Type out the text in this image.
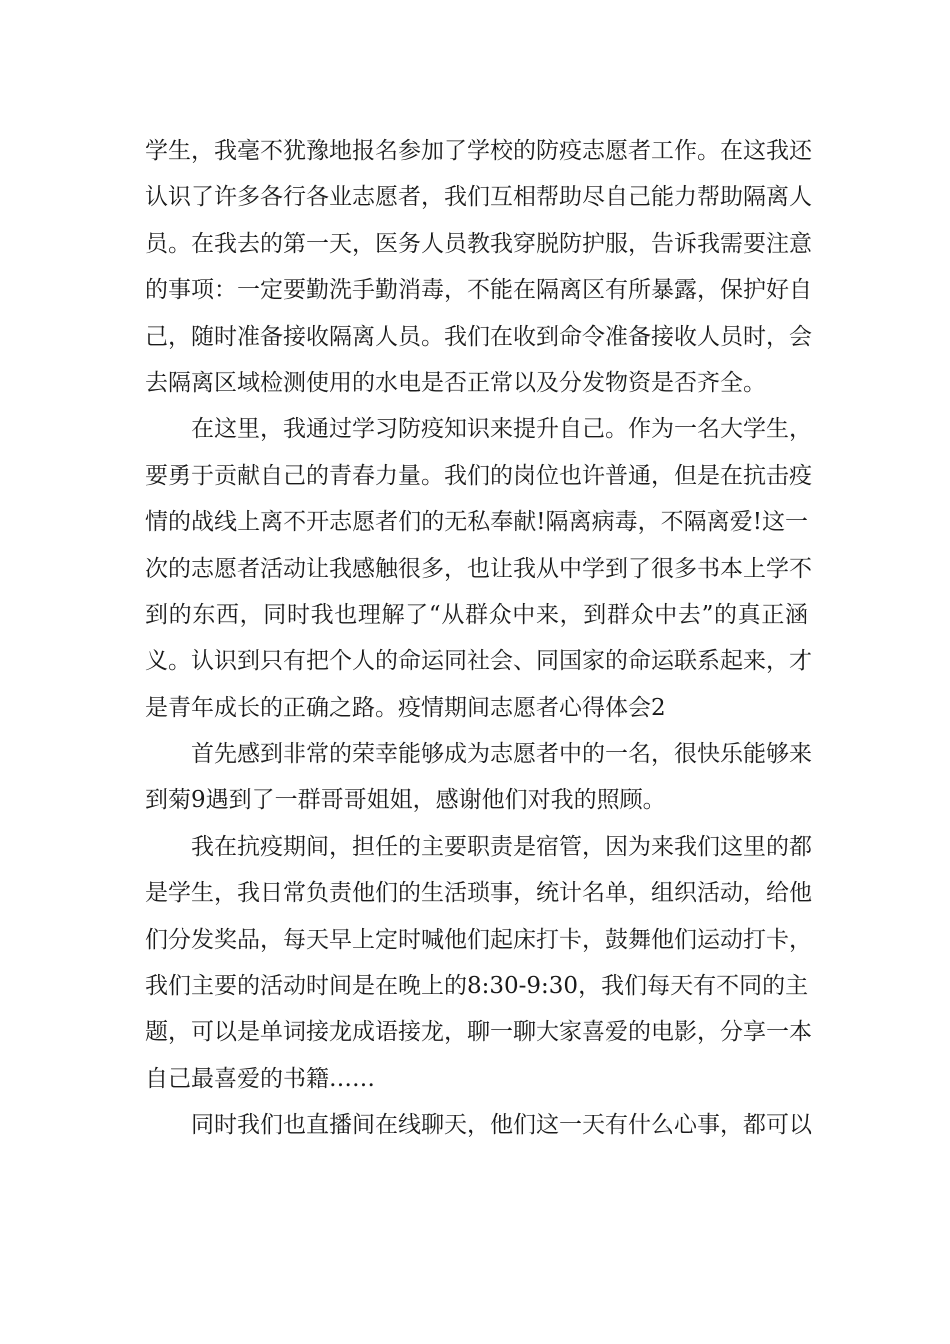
学生，我毫不犹豫地报名参加了学校的防疫志愿者工作。在这我还
认识了许多各行各业志愿者，我们互相帮助尽自己能力帮助隔离人
员。在我去的第一天，医务人员教我穿脱防护服，告诉我需要注意
的事项：一定要勤洗手勤消毒，不能在隔离区有所暴露，保护好自
己，随时准备接收隔离人员。我们在收到命令准备接收人员时，会
去隔离区域检测使用的水电是否正常以及分发物资是否齐全。
在这里，我通过学习防疫知识来提升自己。作为一名大学生，
要勇于贡献自己的青春力量。我们的岗位也许普通，但是在抗击疫
情的战线上离不开志愿者们的无私奉献!隔离病毒，不隔离爱!这一
次的志愿者活动让我感触很多，也让我从中学到了很多书本上学不
到的东西，同时我也理解了“从群众中来，到群众中去”的真正涵
义。认识到只有把个人的命运同社会、同国家的命运联系起来，才
是青年成长的正确之路。疫情期间志愿者心得体会2
首先感到非常的荣幸能够成为志愿者中的一名，很快乐能够来
到菊9遇到了一群哥哥姐姐，感谢他们对我的照顾。
我在抗疫期间，担任的主要职责是宿管，因为来我们这里的都
是学生，我日常负责他们的生活琐事，统计名单，组织活动，给他
们分发奖品，每天早上定时喊他们起床打卡，鼓舞他们运动打卡，
我们主要的活动时间是在晚上的8:30-9:30，我们每天有不同的主
题，可以是单词接龙成语接龙，聊一聊大家喜爱的电影，分享一本
自己最喜爱的书籍……
同时我们也直播间在线聊天，他们这一天有什么心事，都可以
